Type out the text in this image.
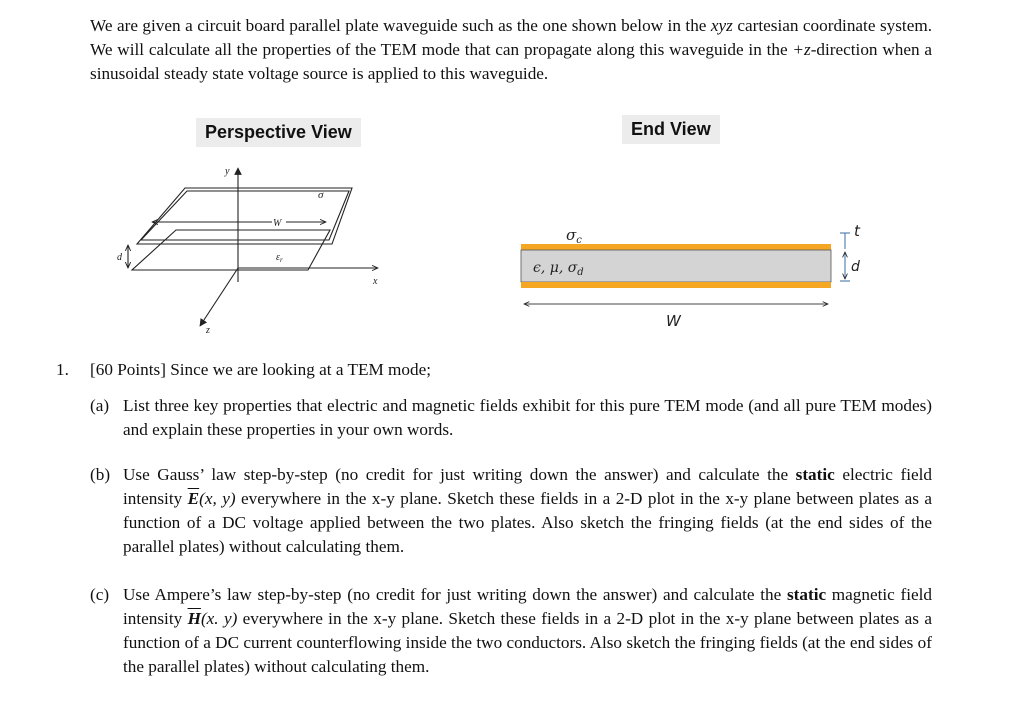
We are given a circuit board parallel plate waveguide such as the one shown below in the xyz cartesian coordinate system. We will calculate all the properties of the TEM mode that can propagate along this waveguide in the +z-direction when a sinusoidal steady state voltage source is applied to this waveguide.
Perspective View	End View
W
y
x
z
d
σ
$\varepsilon_r$
$\sigma_c$
ϵ, μ, $\sigma_d$
t
d
W
1. [60 Points] Since we are looking at a TEM mode;
(a) List three key properties that electric and magnetic fields exhibit for this pure TEM mode (and all pure TEM modes) and explain these properties in your own words.
(b) Use Gauss’ law step-by-step (no credit for just writing down the answer) and calculate the static electric field intensity $\overline{E}(x$, y) everywhere in the x-y plane. Sketch these fields in a 2-D plot in the x-y plane between plates as a function of a DC voltage applied between the two plates. Also sketch the fringing fields (at the end sides of the parallel plates) without calculating them.
(c) Use Ampere’s law step-by-step (no credit for just writing down the answer) and calculate the static magnetic field intensity $\overline{H}(x$. y) everywhere in the x-y plane. Sketch these fields in a 2-D plot in the x-y plane between plates as a function of a DC current counterflowing inside the two conductors. Also sketch the fringing fields (at the end sides of the parallel plates) without calculating them.
